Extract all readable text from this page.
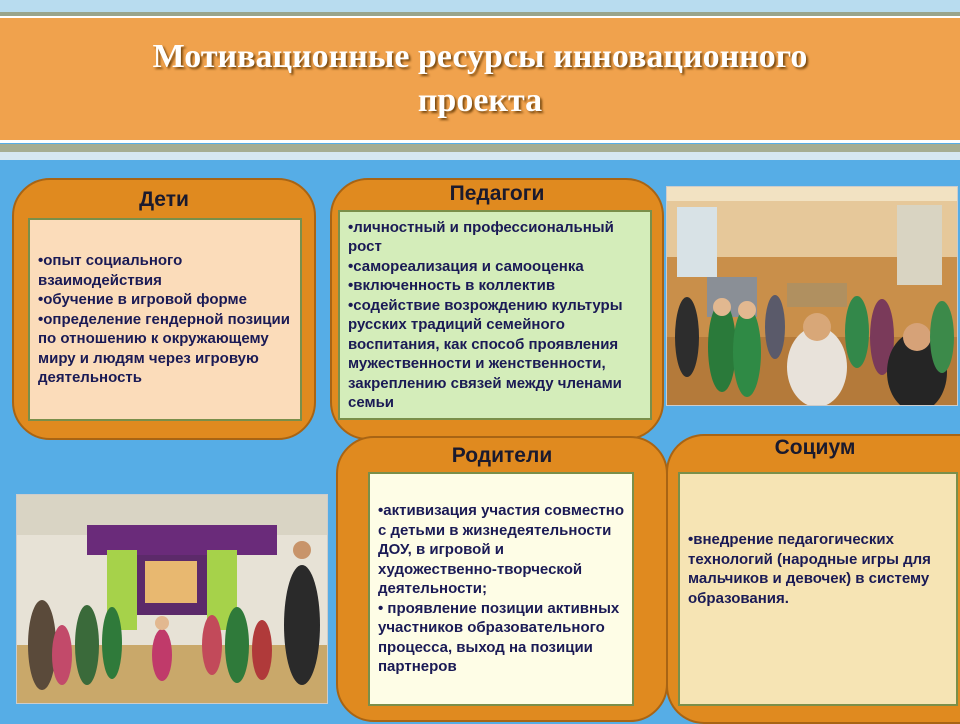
Мотивационные ресурсы инновационного
проекта
Дети
•опыт социального взаимодействия
•обучение в игровой форме
•определение гендерной позиции по отношению к окружающему миру и людям через игровую деятельность
Педагоги
•личностный и профессиональный рост
•самореализация и самооценка
•включенность в коллектив
•содействие возрождению культуры русских традиций семейного воспитания, как способ проявления мужественности и женственности, закреплению связей между членами семьи
Родители
•активизация участия совместно с детьми в жизнедеятельности ДОУ, в игровой и художественно-творческой деятельности;
• проявление позиции активных участников образовательного процесса, выход на позиции партнеров
Социум
•внедрение педагогических технологий (народные игры для мальчиков и девочек) в систему образования.
